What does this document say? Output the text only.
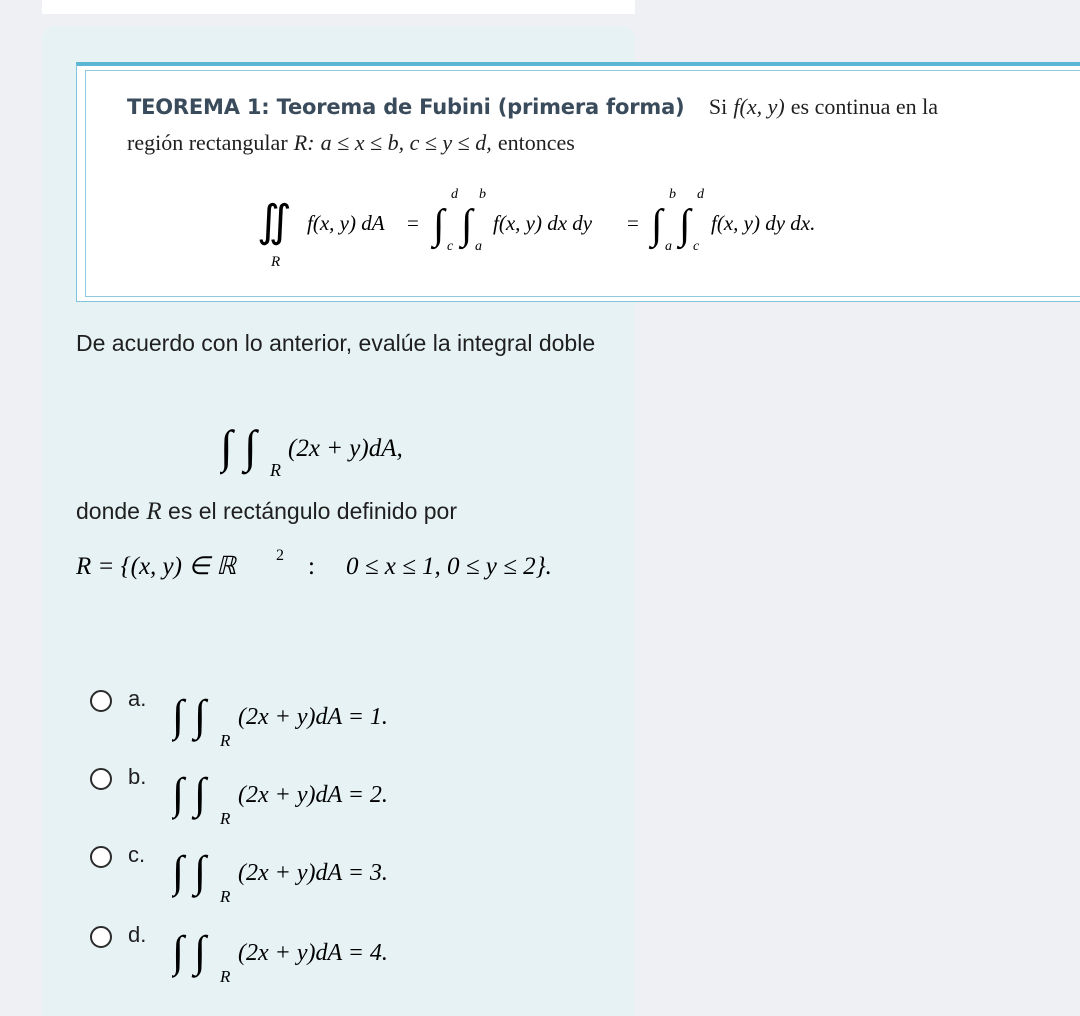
TEOREMA 1: Teorema de Fubini (primera forma) Si f(x, y) es continua en la
región rectangular R: a ≤ x ≤ b, c ≤ y ≤ d, entonces
∬
R
f(x, y) dA = ∫
d
c ∫
b
a
f(x, y) dx dy = ∫
b
a ∫
d
c
f(x, y) dy dx.
De acuerdo con lo anterior, evalúe la integral doble
∫ ∫ R
(2x + y)dA,
donde R es el rectángulo definido por
R = {(x, y) ∈ ℝ 2 : 0 ≤ x ≤ 1, 0 ≤ y ≤ 2}.
a. ∫ ∫
R
(2x + y)dA = 1.
b. ∫ ∫
R
(2x + y)dA = 2.
c. ∫ ∫
R
(2x + y)dA = 3.
d. ∫ ∫
R
(2x + y)dA = 4.
